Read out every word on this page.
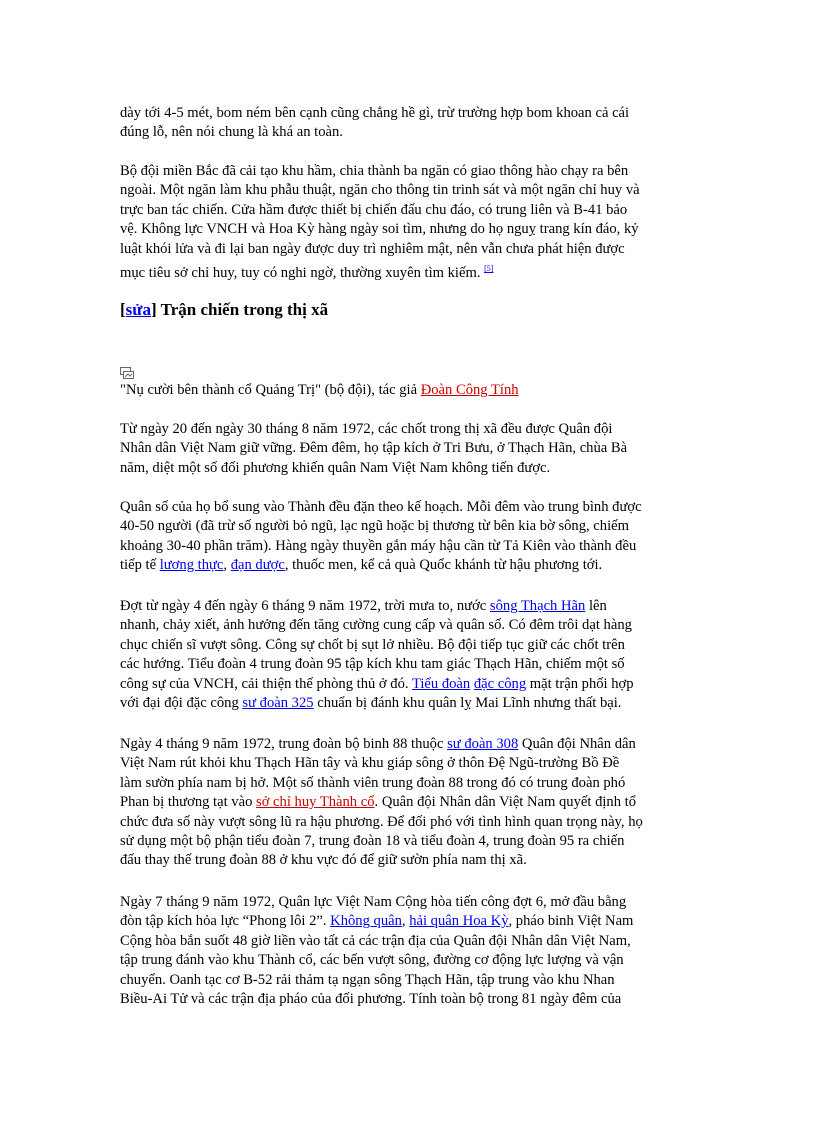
dày tới 4-5 mét, bom ném bên cạnh cũng chẳng hề gì, trừ trường hợp bom khoan cả cái
đúng lỗ, nên nói chung là khá an toàn.

Bộ đội miền Bắc đã cải tạo khu hầm, chia thành ba ngăn có giao thông hào chạy ra bên
ngoài. Một ngăn làm khu phẫu thuật, ngăn cho thông tin trinh sát và một ngăn chỉ huy và
trực ban tác chiến. Cửa hầm được thiết bị chiến đấu chu đáo, có trung liên và B-41 bảo
vệ. Không lực VNCH và Hoa Kỳ hàng ngày soi tìm, nhưng do họ nguỵ trang kín đáo, kỷ
luật khói lửa và đi lại ban ngày được duy trì nghiêm mật, nên vẫn chưa phát hiện được
mục tiêu sở chỉ huy, tuy có nghi ngờ, thường xuyên tìm kiếm. [5]

[sửa] Trận chiến trong thị xã

"Nụ cười bên thành cổ Quảng Trị" (bộ đội), tác giả Đoàn Công Tính

Từ ngày 20 đến ngày 30 tháng 8 năm 1972, các chốt trong thị xã đều được Quân đội
Nhân dân Việt Nam giữ vững. Đêm đêm, họ tập kích ở Tri Bưu, ở Thạch Hãn, chùa Bà
năm, diệt một số đối phương khiến quân Nam Việt Nam không tiến được.

Quân số của họ bổ sung vào Thành đều đặn theo kế hoạch. Mỗi đêm vào trung bình được
40-50 người (đã trừ số người bỏ ngũ, lạc ngũ hoặc bị thương từ bên kia bờ sông, chiếm
khoảng 30-40 phần trăm). Hàng ngày thuyền gắn máy hậu cần từ Tả Kiên vào thành đều
tiếp tế lương thực, đạn dược, thuốc men, kể cả quà Quốc khánh từ hậu phương tới.

Đợt từ ngày 4 đến ngày 6 tháng 9 năm 1972, trời mưa to, nước sông Thạch Hãn lên
nhanh, chảy xiết, ảnh hưởng đến tăng cường cung cấp và quân số. Có đêm trôi dạt hàng
chục chiến sĩ vượt sông. Công sự chốt bị sụt lở nhiều. Bộ đội tiếp tục giữ các chốt trên
các hướng. Tiểu đoàn 4 trung đoàn 95 tập kích khu tam giác Thạch Hãn, chiếm một số
công sự của VNCH, cải thiện thế phòng thủ ở đó. Tiểu đoàn đặc công mặt trận phối hợp
với đại đội đặc công sư đoàn 325 chuẩn bị đánh khu quân lỵ Mai Lĩnh nhưng thất bại.

Ngày 4 tháng 9 năm 1972, trung đoàn bộ binh 88 thuộc sư đoàn 308 Quân đội Nhân dân
Việt Nam rút khỏi khu Thạch Hãn tây và khu giáp sông ở thôn Đệ Ngũ-trường Bồ Đề
làm sườn phía nam bị hở. Một số thành viên trung đoàn 88 trong đó có trung đoàn phó
Phan bị thương tạt vào sở chỉ huy Thành cổ. Quân đội Nhân dân Việt Nam quyết định tổ
chức đưa số này vượt sông lũ ra hậu phương. Để đối phó với tình hình quan trọng này, họ
sử dụng một bộ phận tiểu đoàn 7, trung đoàn 18 và tiểu đoàn 4, trung đoàn 95 ra chiến
đấu thay thế trung đoàn 88 ở khu vực đó để giữ sườn phía nam thị xã.

Ngày 7 tháng 9 năm 1972, Quân lực Việt Nam Cộng hòa tiến công đợt 6, mở đầu bằng
đòn tập kích hỏa lực “Phong lôi 2”. Không quân, hải quân Hoa Kỳ, pháo binh Việt Nam
Cộng hòa bắn suốt 48 giờ liền vào tất cả các trận địa của Quân đội Nhân dân Việt Nam,
tập trung đánh vào khu Thành cổ, các bến vượt sông, đường cơ động lực lượng và vận
chuyển. Oanh tạc cơ B-52 rải thảm tạ ngạn sông Thạch Hãn, tập trung vào khu Nhan
Biều-Ai Tử và các trận địa pháo của đối phương. Tính toàn bộ trong 81 ngày đêm của
